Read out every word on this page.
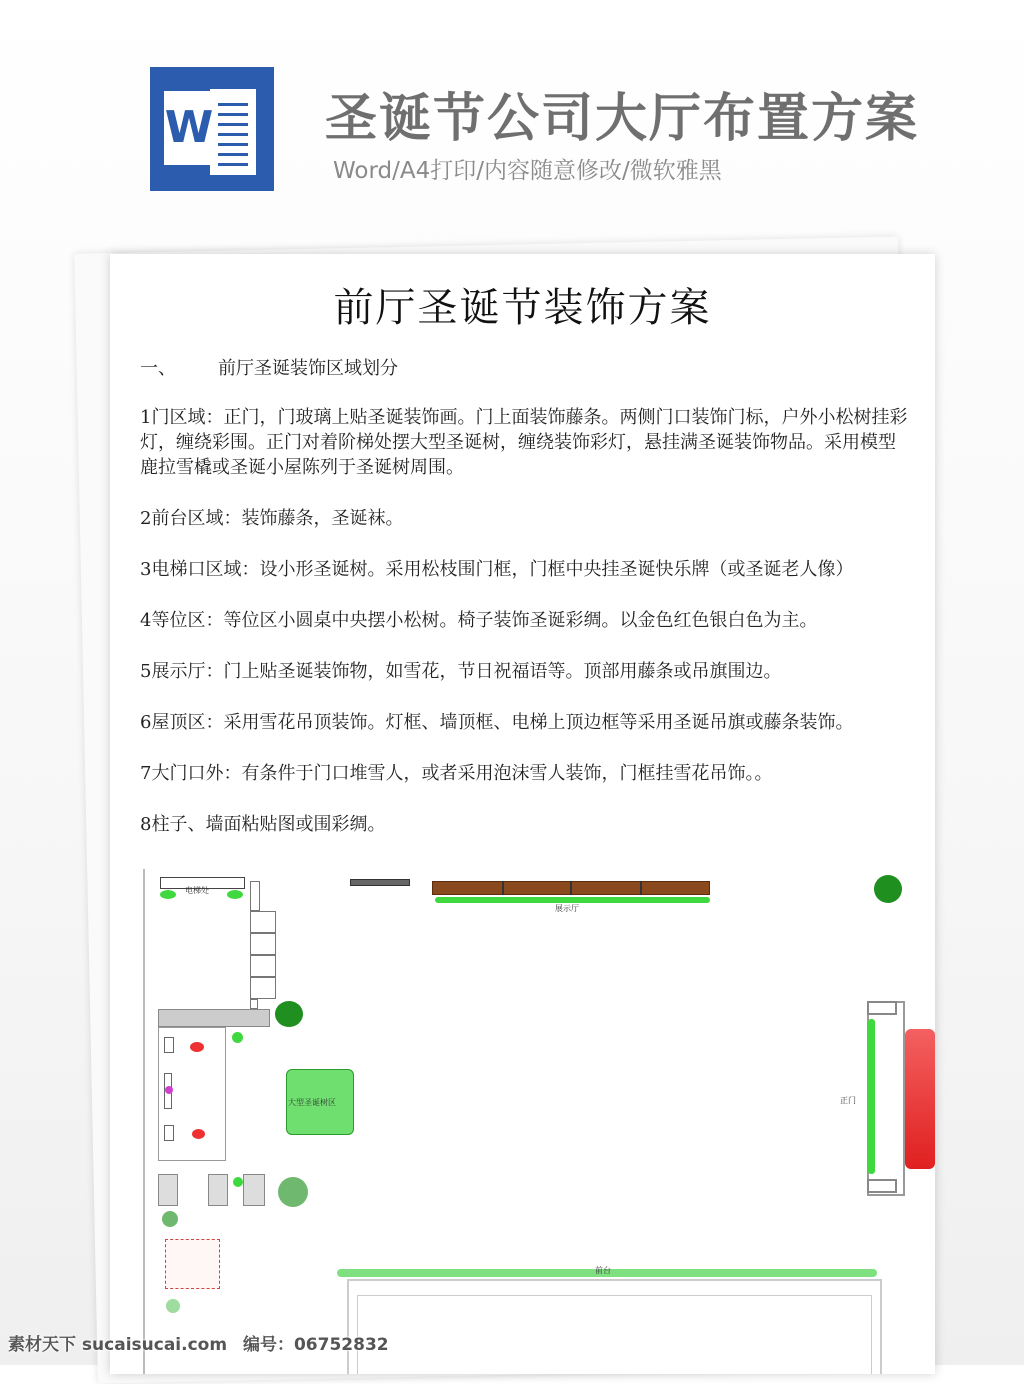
W 圣诞节公司大厅布置方案
Word/A4打印/内容随意修改/微软雅黑
前厅圣诞节装饰方案
一、 前厅圣诞装饰区域划分
1门区域：正门，门玻璃上贴圣诞装饰画。门上面装饰藤条。两侧门口装饰门标，户外小松树挂彩灯，缠绕彩围。正门对着阶梯处摆大型圣诞树，缠绕装饰彩灯，悬挂满圣诞装饰物品。采用模型鹿拉雪橇或圣诞小屋陈列于圣诞树周围。
2前台区域：装饰藤条，圣诞袜。
3电梯口区域：设小形圣诞树。采用松枝围门框，门框中央挂圣诞快乐牌（或圣诞老人像）
4等位区：等位区小圆桌中央摆小松树。椅子装饰圣诞彩绸。以金色红色银白色为主。
5展示厅：门上贴圣诞装饰物，如雪花，节日祝福语等。顶部用藤条或吊旗围边。
6屋顶区：采用雪花吊顶装饰。灯框、墙顶框、电梯上顶边框等采用圣诞吊旗或藤条装饰。
7大门口外：有条件于门口堆雪人，或者采用泡沫雪人装饰，门框挂雪花吊饰。。
8柱子、墙面粘贴图或围彩绸。
电梯处
展示厅
大型圣诞树区	正门
前台
素材天下 sucaisucai.com 编号：06752832
